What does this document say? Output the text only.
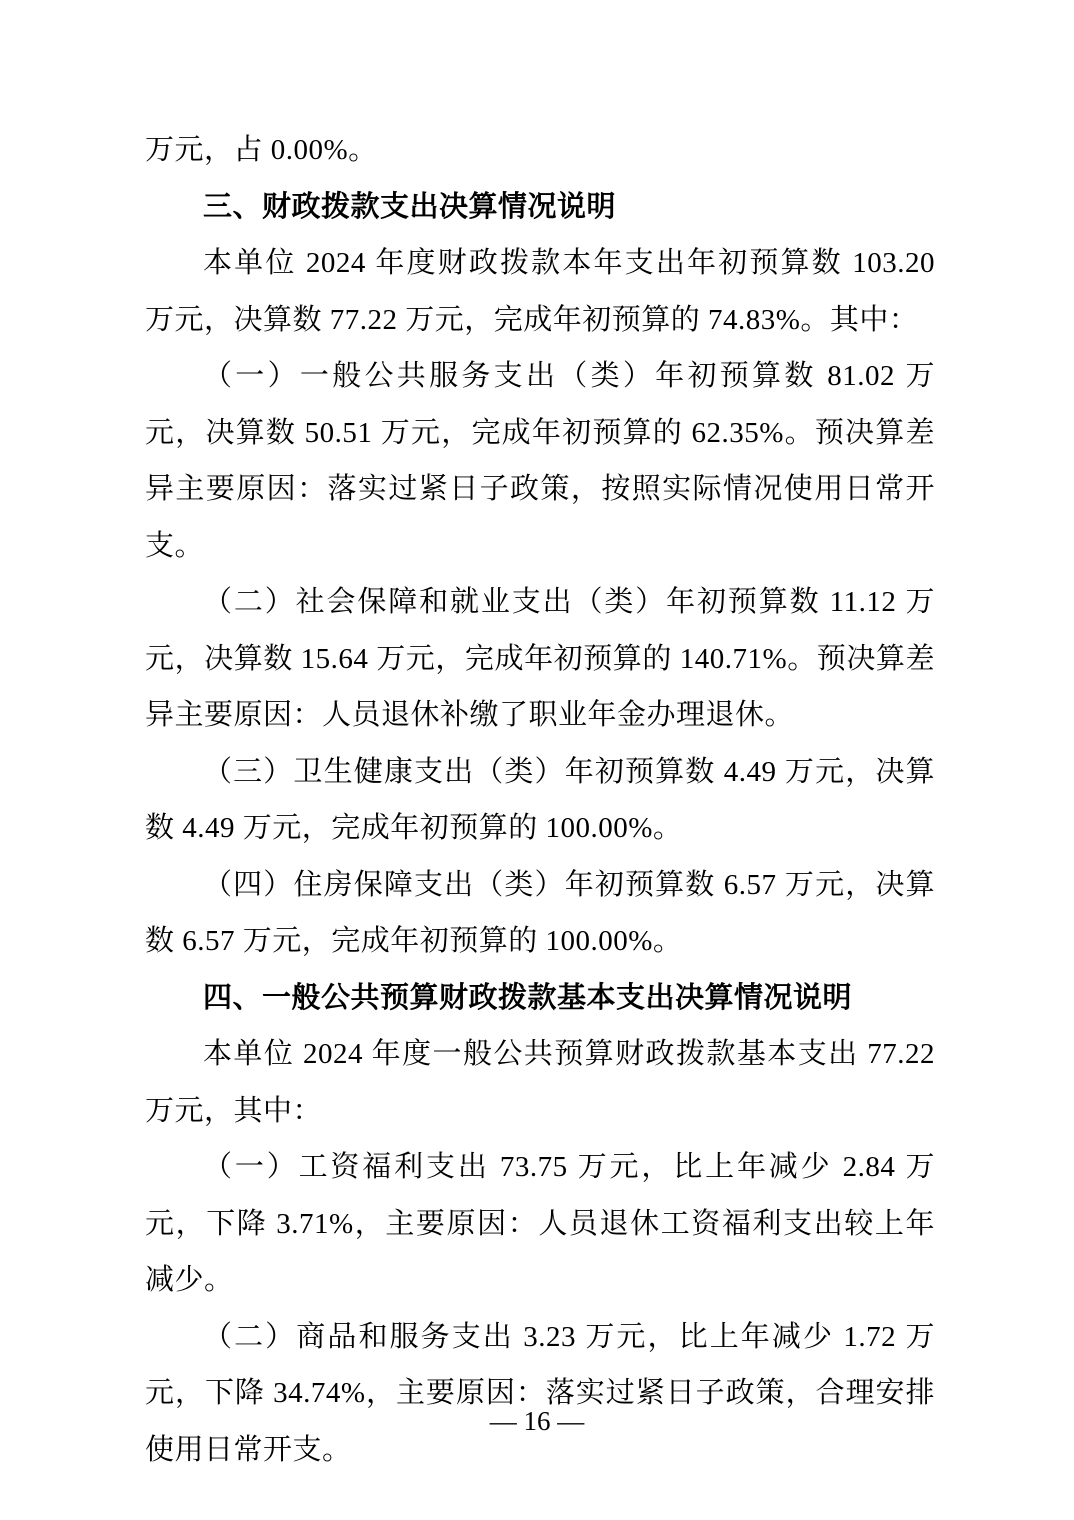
万元，占 0.00%。

三、财政拨款支出决算情况说明

本单位 2024 年度财政拨款本年支出年初预算数 103.20 万元，决算数 77.22 万元，完成年初预算的 74.83%。其中：

（一）一般公共服务支出（类）年初预算数 81.02 万元，决算数 50.51 万元，完成年初预算的 62.35%。预决算差异主要原因：落实过紧日子政策，按照实际情况使用日常开支。

（二）社会保障和就业支出（类）年初预算数 11.12 万元，决算数 15.64 万元，完成年初预算的 140.71%。预决算差异主要原因：人员退休补缴了职业年金办理退休。

（三）卫生健康支出（类）年初预算数 4.49 万元，决算数 4.49 万元，完成年初预算的 100.00%。

（四）住房保障支出（类）年初预算数 6.57 万元，决算数 6.57 万元，完成年初预算的 100.00%。

四、一般公共预算财政拨款基本支出决算情况说明

本单位 2024 年度一般公共预算财政拨款基本支出 77.22 万元，其中：

（一）工资福利支出 73.75 万元，比上年减少 2.84 万元，下降 3.71%，主要原因：人员退休工资福利支出较上年减少。

（二）商品和服务支出 3.23 万元，比上年减少 1.72 万元，下降 34.74%，主要原因：落实过紧日子政策，合理安排使用日常开支。

— 16 —
